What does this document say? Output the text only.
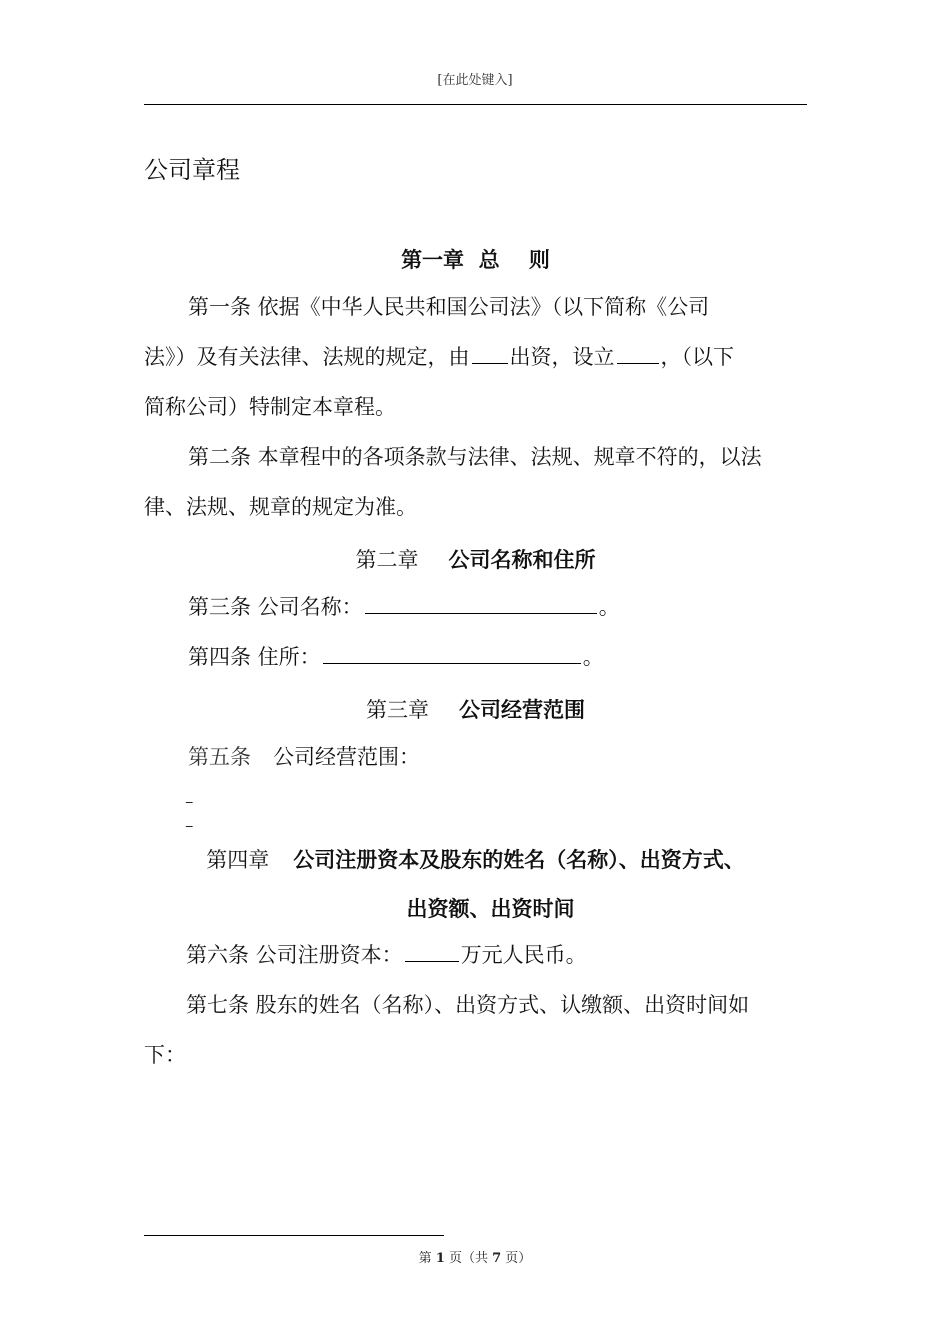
[在此处键入]
公司章程
第一章  总    则
第一条 依据《中华人民共和国公司法》（以下简称《公司
法》）及有关法律、法规的规定，由 出资，设立 ，（以下
简称公司）特制定本章程。
第二条 本章程中的各项条款与法律、法规、规章不符的，以法
律、法规、规章的规定为准。
第二章 公司名称和住所
第三条 公司名称：	。
第四条 住所：	。
第三章 公司经营范围
第五条 公司经营范围：
_
_
第四章 公司注册资本及股东的姓名（名称）、出资方式、
出资额、出资时间
第六条 公司注册资本：	万元人民币。
第七条 股东的姓名（名称）、出资方式、认缴额、出资时间如
下：
第 1 页（共 7 页）
